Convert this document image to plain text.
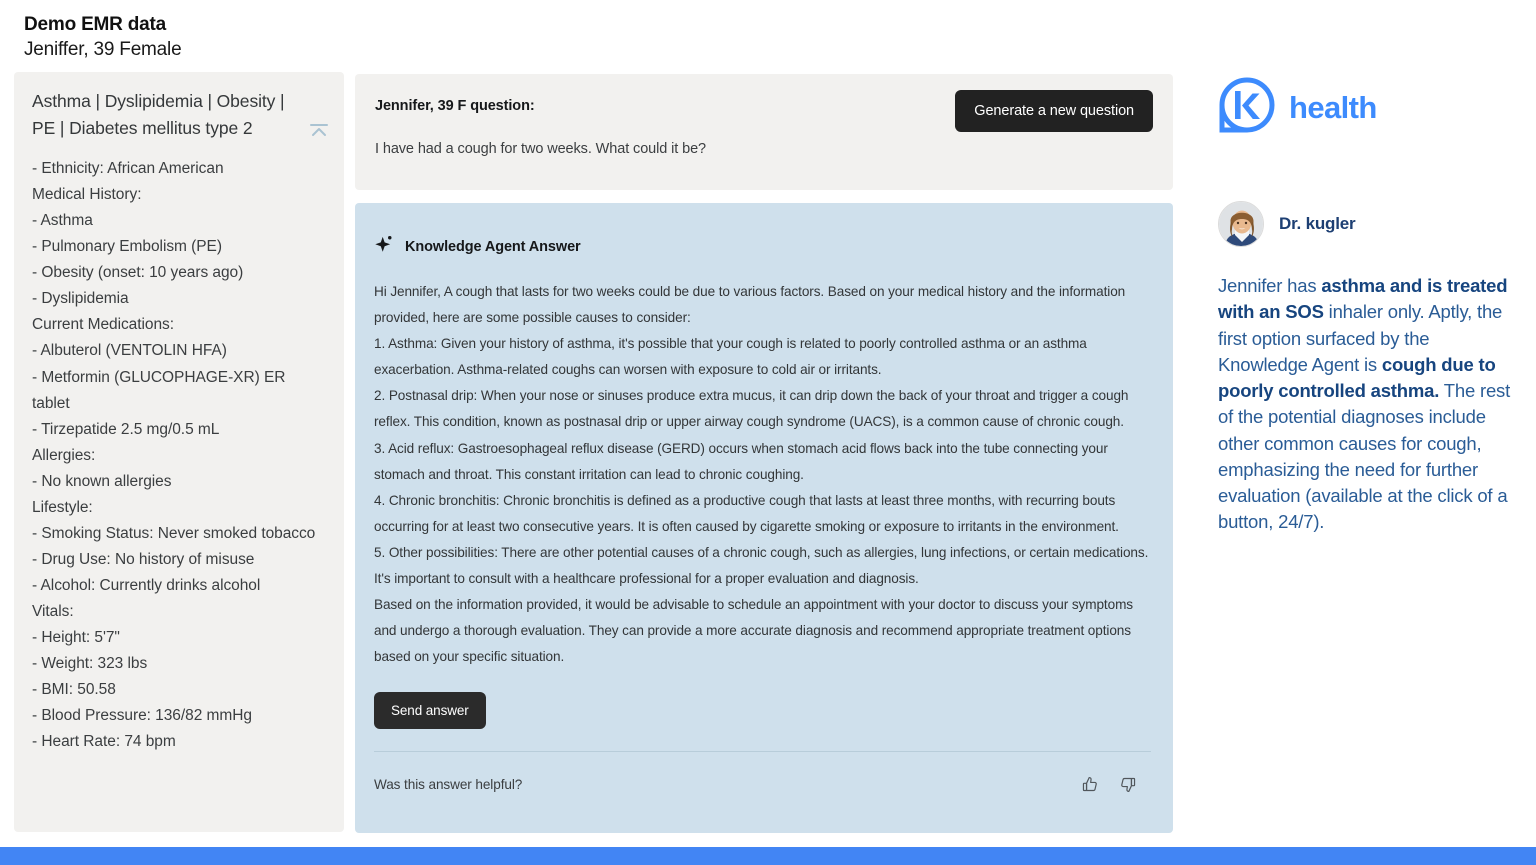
Demo EMR data
Jeniffer, 39 Female
Asthma | Dyslipidemia | Obesity | PE | Diabetes mellitus type 2
- Ethnicity: African American
Medical History:
- Asthma
- Pulmonary Embolism (PE)
- Obesity (onset: 10 years ago)
- Dyslipidemia
Current Medications:
- Albuterol (VENTOLIN HFA)
- Metformin (GLUCOPHAGE-XR) ER tablet
- Tirzepatide 2.5 mg/0.5 mL
Allergies:
- No known allergies
Lifestyle:
- Smoking Status: Never smoked tobacco
- Drug Use: No history of misuse
- Alcohol: Currently drinks alcohol
Vitals:
- Height: 5'7"
- Weight: 323 lbs
- BMI: 50.58
- Blood Pressure: 136/82 mmHg
- Heart Rate: 74 bpm
Jennifer, 39 F question:
I have had a cough for two weeks. What could it be?
Generate a new question
Knowledge Agent Answer

Hi Jennifer, A cough that lasts for two weeks could be due to various factors. Based on your medical history and the information provided, here are some possible causes to consider:

1. Asthma: Given your history of asthma, it's possible that your cough is related to poorly controlled asthma or an asthma exacerbation. Asthma-related coughs can worsen with exposure to cold air or irritants.

2. Postnasal drip: When your nose or sinuses produce extra mucus, it can drip down the back of your throat and trigger a cough reflex. This condition, known as postnasal drip or upper airway cough syndrome (UACS), is a common cause of chronic cough.

3. Acid reflux: Gastroesophageal reflux disease (GERD) occurs when stomach acid flows back into the tube connecting your stomach and throat. This constant irritation can lead to chronic coughing.

4. Chronic bronchitis: Chronic bronchitis is defined as a productive cough that lasts at least three months, with recurring bouts occurring for at least two consecutive years. It is often caused by cigarette smoking or exposure to irritants in the environment.

5. Other possibilities: There are other potential causes of a chronic cough, such as allergies, lung infections, or certain medications. It's important to consult with a healthcare professional for a proper evaluation and diagnosis.

Based on the information provided, it would be advisable to schedule an appointment with your doctor to discuss your symptoms and undergo a thorough evaluation. They can provide a more accurate diagnosis and recommend appropriate treatment options based on your specific situation.

Send answer
Was this answer helpful?
health
Dr. kugler
Jennifer has asthma and is treated with an SOS inhaler only. Aptly, the first option surfaced by the Knowledge Agent is cough due to poorly controlled asthma. The rest of the potential diagnoses include other common causes for cough, emphasizing the need for further evaluation (available at the click of a button, 24/7).
